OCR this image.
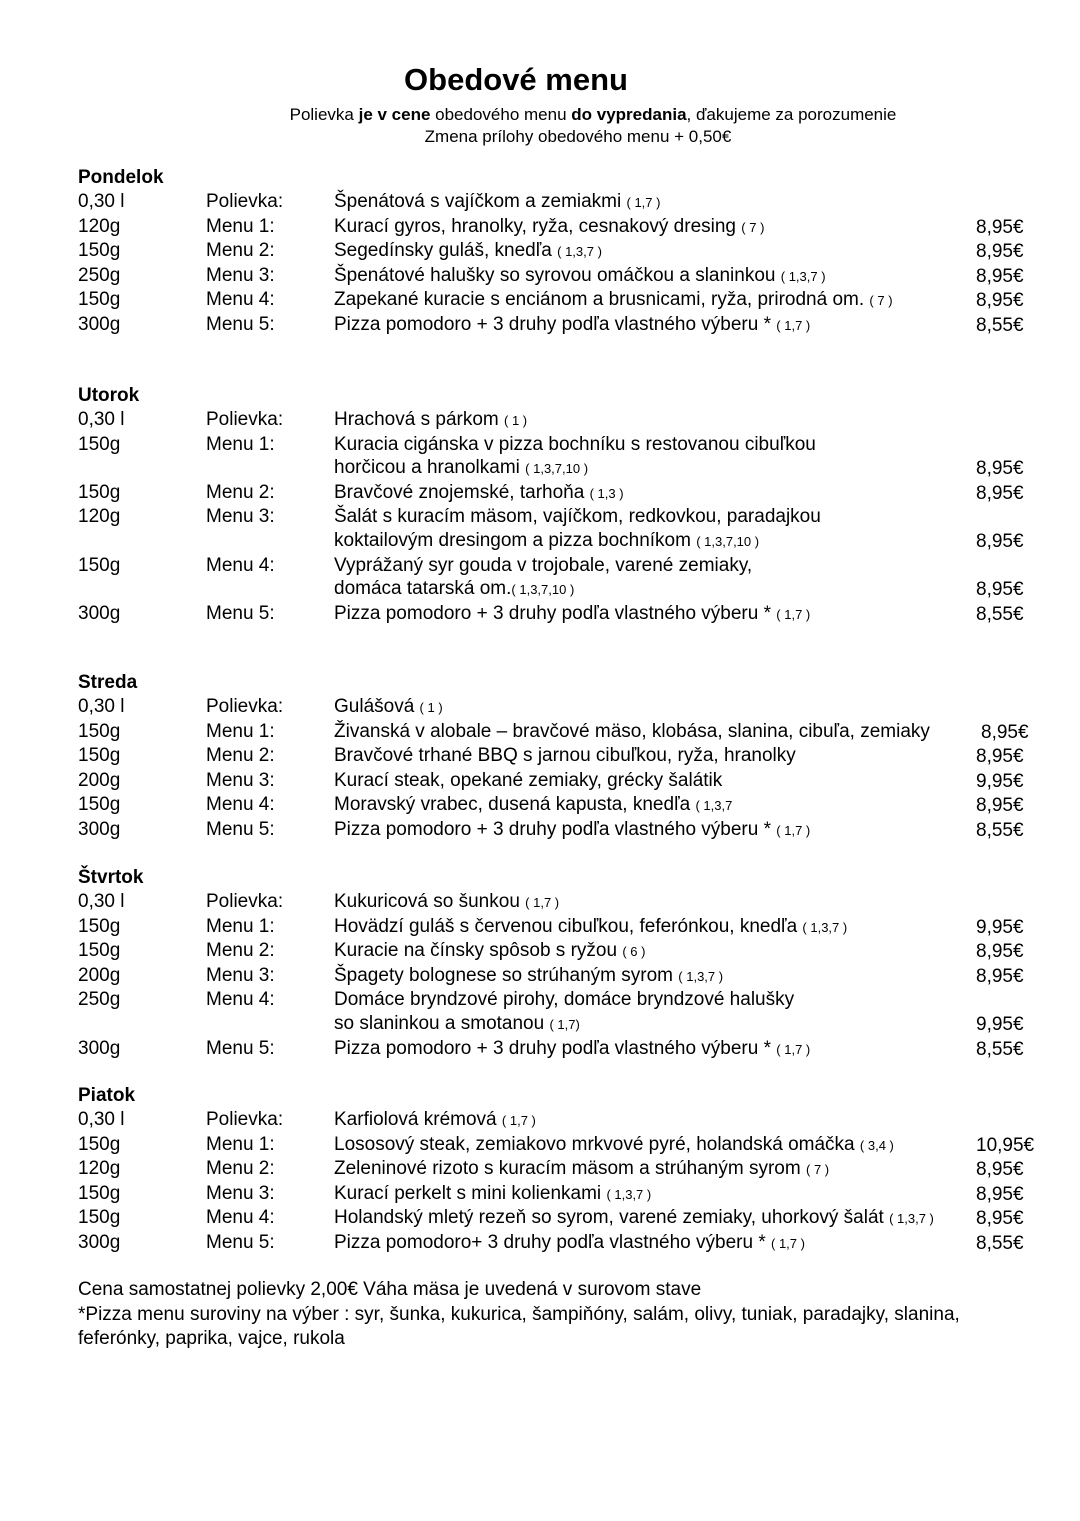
Obedové menu
Polievka je v cene obedového menu do vypredania, ďakujeme za porozumenie
Zmena prílohy obedového menu + 0,50€
Pondelok
0,30 l	Polievka:	Špenátová s vajíčkom a zemiakmi ( 1,7 )
120g	Menu 1:	Kurací gyros, hranolky, ryža, cesnakový dresing ( 7 )	8,95€
150g	Menu 2:	Segedínsky guláš, knedľa ( 1,3,7 )	8,95€
250g	Menu 3:	Špenátové halušky so syrovou omáčkou a slaninkou ( 1,3,7 )	8,95€
150g	Menu 4:	Zapekané kuracie s enciánom a brusnicami, ryža, prirodná om. ( 7 )	8,95€
300g	Menu 5:	Pizza pomodoro + 3 druhy podľa vlastného výberu * ( 1,7 )	8,55€
Utorok
0,30 l	Polievka:	Hrachová s párkom ( 1 )
150g	Menu 1:	Kuracia cigánska v pizza bochníku s restovanou cibuľkou
horčicou a hranolkami ( 1,3,7,10 )	8,95€
150g	Menu 2:	Bravčové znojemské, tarhoňa ( 1,3 )	8,95€
120g	Menu 3:	Šalát s kuracím mäsom, vajíčkom, redkovkou, paradajkou
koktailovým dresingom a pizza bochníkom ( 1,3,7,10 )	8,95€
150g	Menu 4:	Vyprážaný syr gouda v trojobale, varené zemiaky,
domáca tatarská om.( 1,3,7,10 )	8,95€
300g	Menu 5:	Pizza pomodoro + 3 druhy podľa vlastného výberu * ( 1,7 )	8,55€
Streda
0,30 l	Polievka:	Gulášová ( 1 )
150g	Menu 1:	Živanská v alobale – bravčové mäso, klobása, slanina, cibuľa, zemiaky	8,95€
150g	Menu 2:	Bravčové trhané BBQ s jarnou cibuľkou, ryža, hranolky	8,95€
200g	Menu 3:	Kurací steak, opekané zemiaky, grécky šalátik	9,95€
150g	Menu 4:	Moravský vrabec, dusená kapusta, knedľa ( 1,3,7	8,95€
300g	Menu 5:	Pizza pomodoro + 3 druhy podľa vlastného výberu * ( 1,7 )	8,55€
Štvrtok
0,30 l	Polievka:	Kukuricová so šunkou ( 1,7 )
150g	Menu 1:	Hovädzí guláš s červenou cibuľkou, feferónkou, knedľa ( 1,3,7 )	9,95€
150g	Menu 2:	Kuracie na čínsky spôsob s ryžou ( 6 )	8,95€
200g	Menu 3:	Špagety bolognese so strúhaným syrom ( 1,3,7 )	8,95€
250g	Menu 4:	Domáce bryndzové pirohy, domáce bryndzové halušky
so slaninkou a smotanou ( 1,7)	9,95€
300g	Menu 5:	Pizza pomodoro + 3 druhy podľa vlastného výberu * ( 1,7 )	8,55€
Piatok
0,30 l	Polievka:	Karfiolová krémová ( 1,7 )
150g	Menu 1:	Lososový steak, zemiakovo mrkvové pyré, holandská omáčka ( 3,4 )	10,95€
120g	Menu 2:	Zeleninové rizoto s kuracím mäsom a strúhaným syrom ( 7 )	8,95€
150g	Menu 3:	Kurací perkelt s mini kolienkami ( 1,3,7 )	8,95€
150g	Menu 4:	Holandský mletý rezeň so syrom, varené zemiaky, uhorkový šalát ( 1,3,7 )	8,95€
300g	Menu 5:	Pizza pomodoro+ 3 druhy podľa vlastného výberu * ( 1,7 )	8,55€
Cena samostatnej polievky 2,00€ Váha mäsa je uvedená v surovom stave
*Pizza menu suroviny na výber : syr, šunka, kukurica, šampiňóny, salám, olivy, tuniak, paradajky, slanina,
feferónky, paprika, vajce, rukola
